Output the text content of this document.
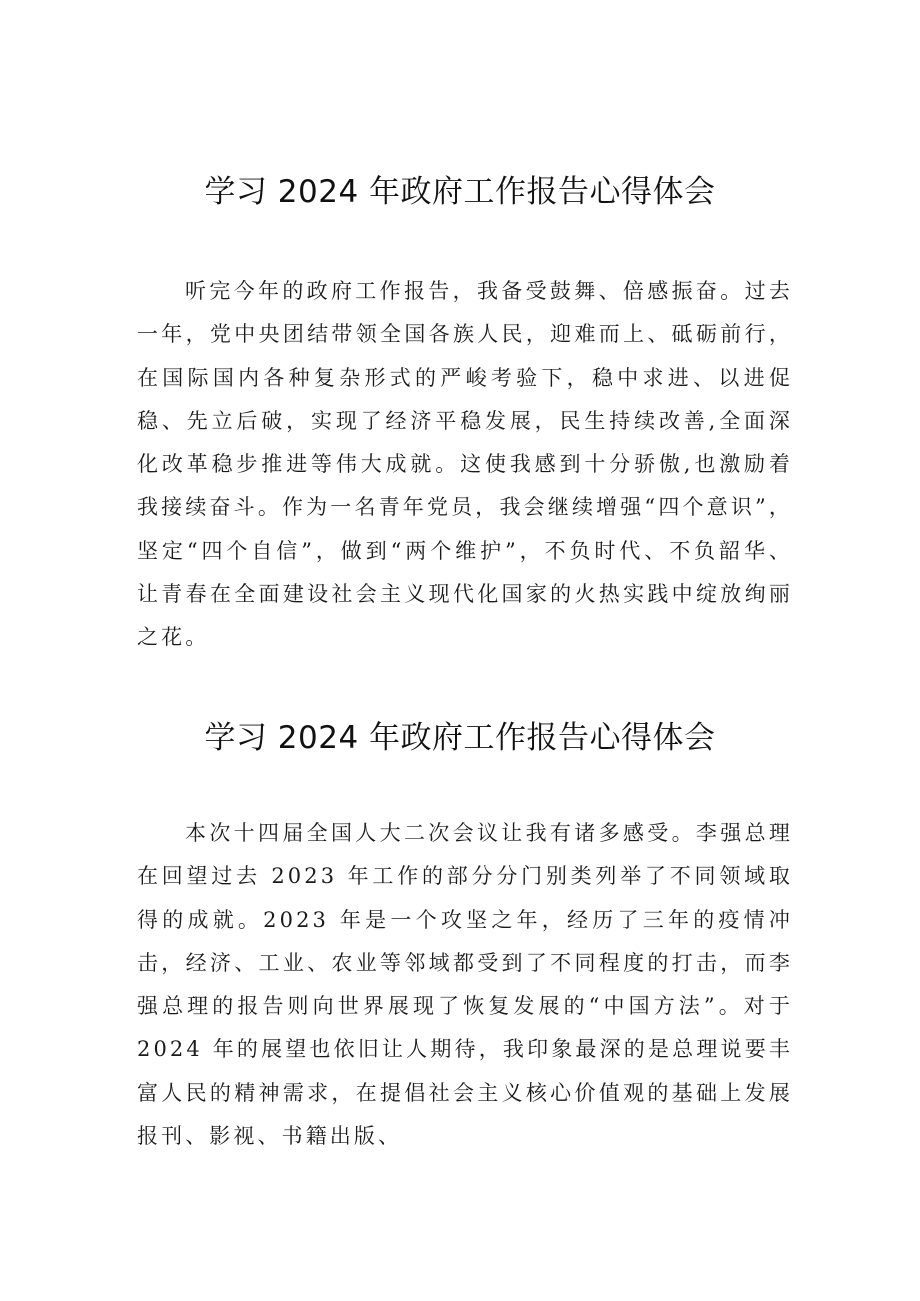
学习 2024 年政府工作报告心得体会

听完今年的政府工作报告，我备受鼓舞、倍感振奋。过去一年，党中央团结带领全国各族人民，迎难而上、砥砺前行，在国际国内各种复杂形式的严峻考验下，稳中求进、以进促稳、先立后破，实现了经济平稳发展，民生持续改善,全面深化改革稳步推进等伟大成就。这使我感到十分骄傲,也激励着我接续奋斗。作为一名青年党员，我会继续增强“四个意识”，坚定“四个自信”，做到“两个维护”，不负时代、不负韶华、让青春在全面建设社会主义现代化国家的火热实践中绽放绚丽之花。

学习 2024 年政府工作报告心得体会

本次十四届全国人大二次会议让我有诸多感受。李强总理在回望过去 2023 年工作的部分分门别类列举了不同领域取得的成就。2023 年是一个攻坚之年，经历了三年的疫情冲击，经济、工业、农业等邻域都受到了不同程度的打击，而李强总理的报告则向世界展现了恢复发展的“中国方法”。对于 2024 年的展望也依旧让人期待，我印象最深的是总理说要丰富人民的精神需求，在提倡社会主义核心价值观的基础上发展报刊、影视、书籍出版、
